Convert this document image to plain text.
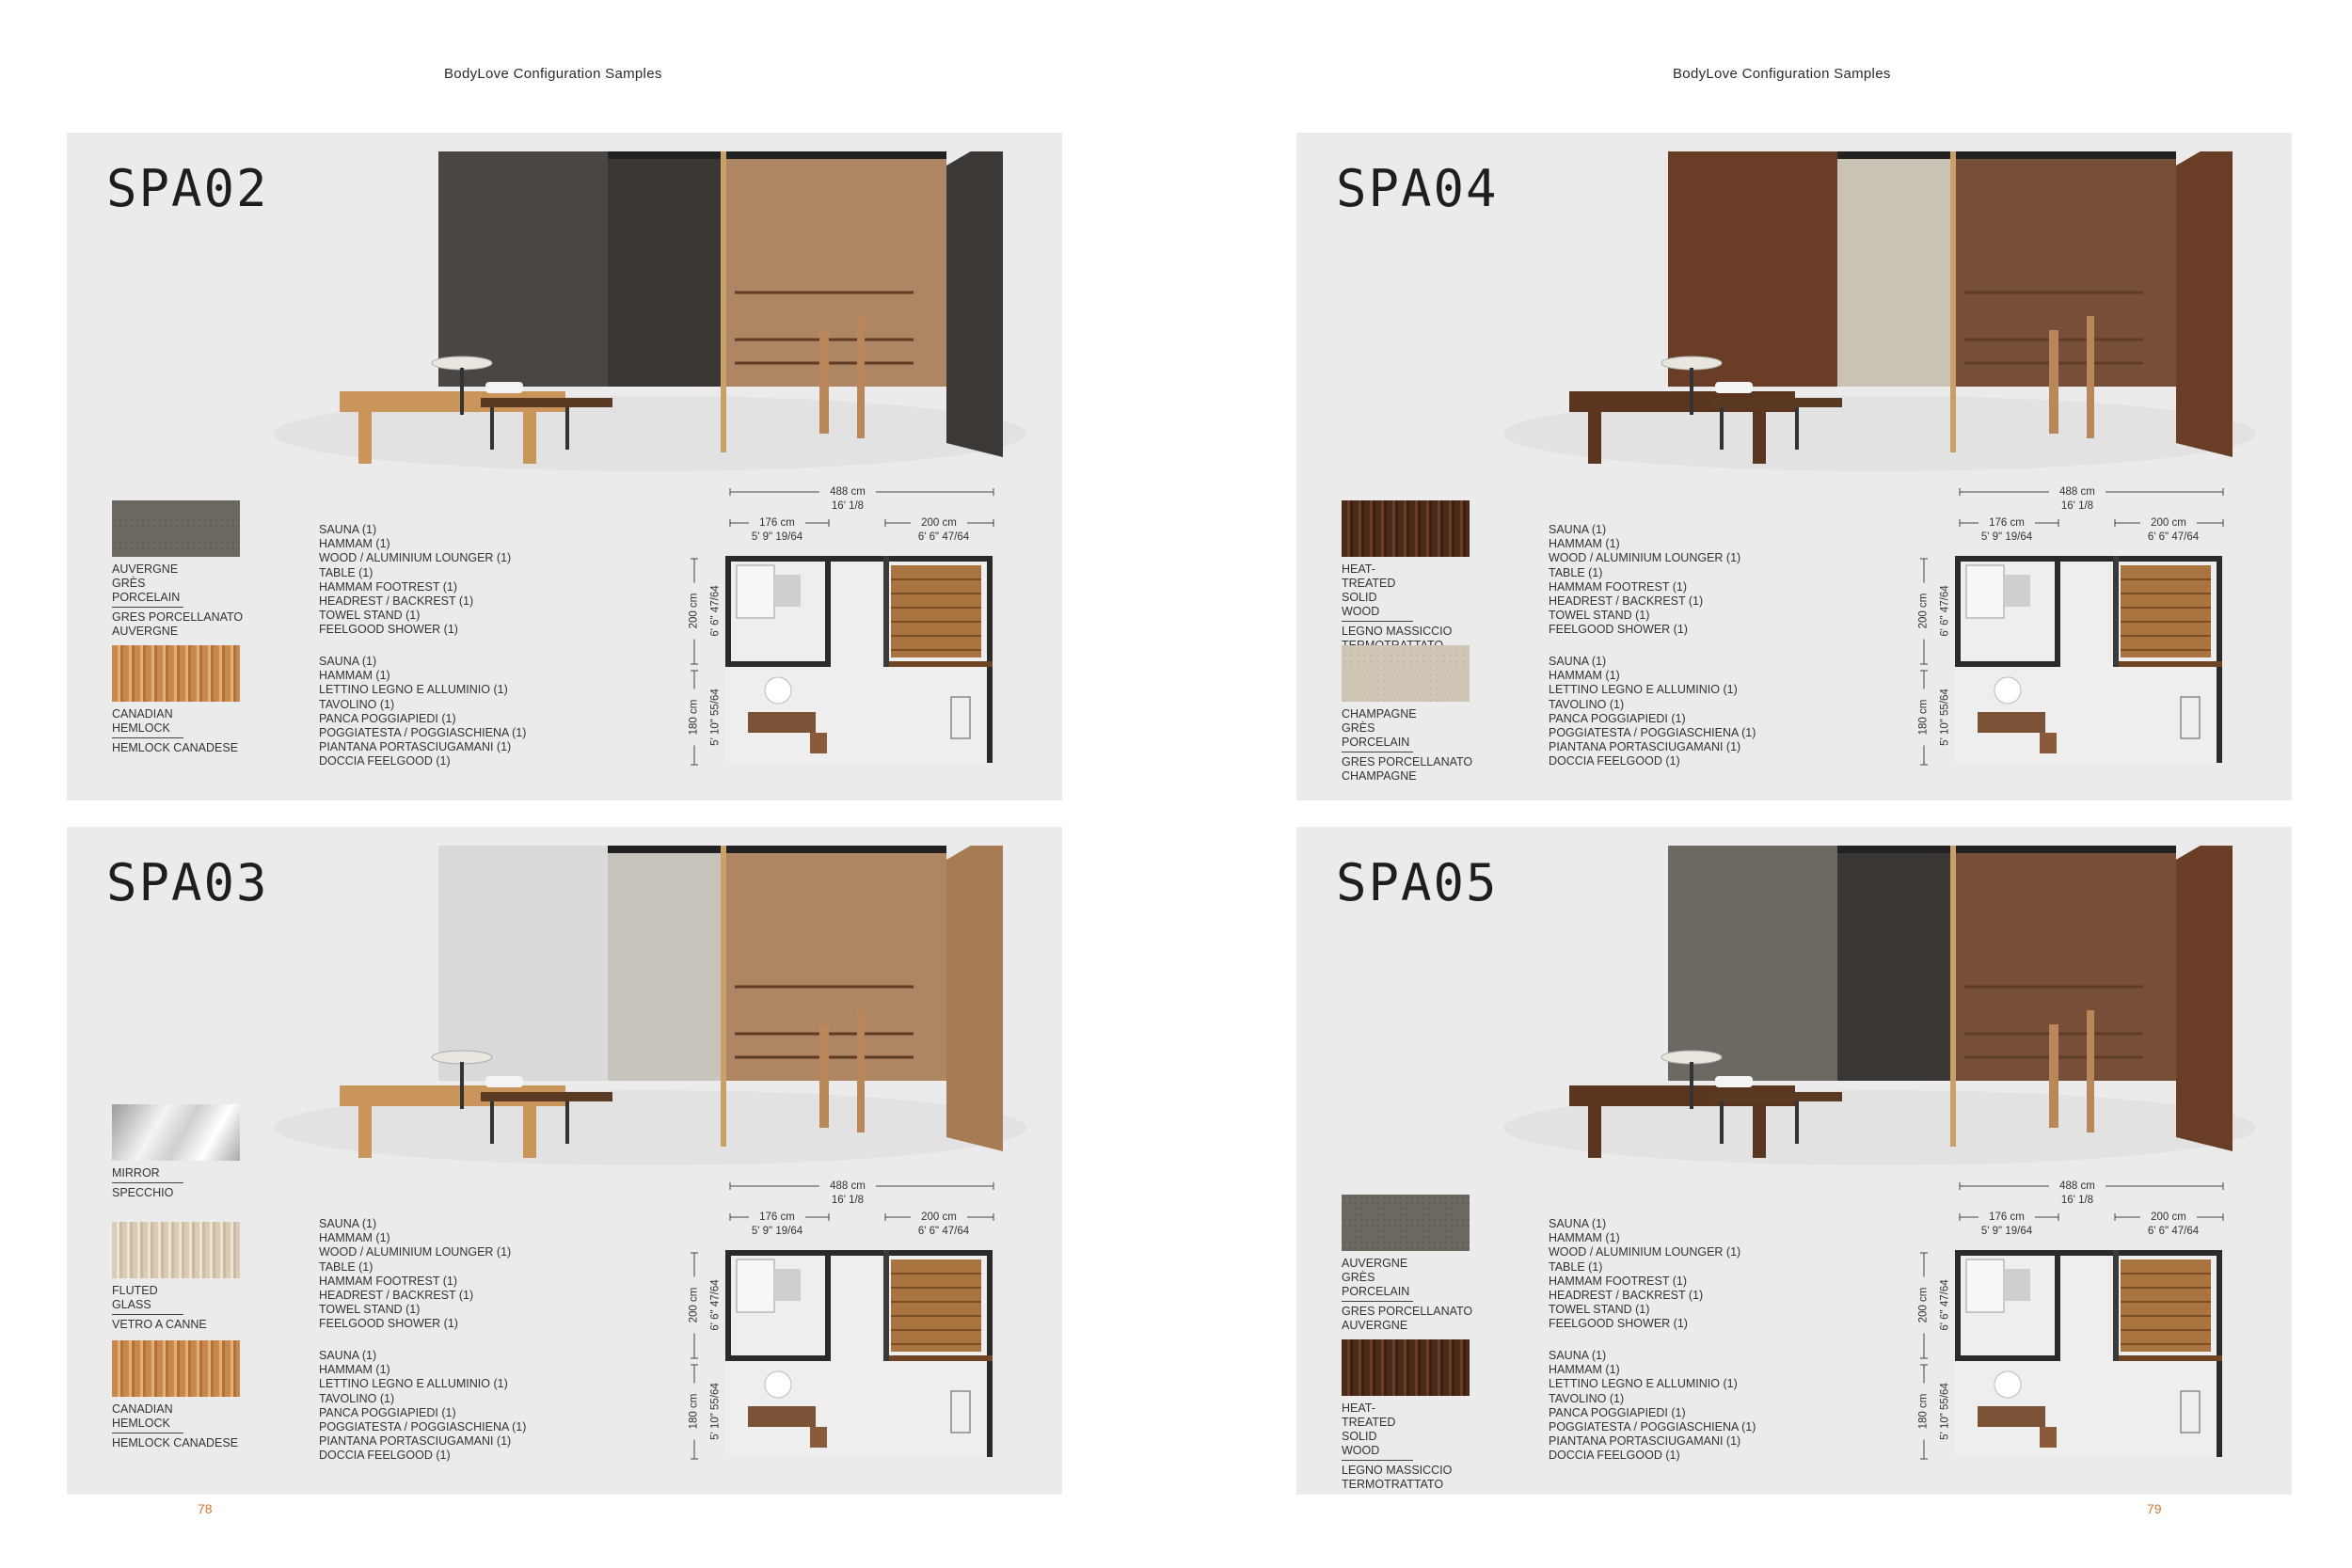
BodyLove Configuration Samples	BodyLove Configuration Samples
SPA02
AUVERGNE GRÈS PORCELAIN
GRES PORCELLANATO AUVERGNE
CANADIAN HEMLOCK
HEMLOCK CANADESE
SAUNA (1)
HAMMAM (1)
WOOD / ALUMINIUM LOUNGER (1)
TABLE (1)
HAMMAM FOOTREST (1)
HEADREST / BACKREST (1)
TOWEL STAND (1)
FEELGOOD SHOWER (1)
SAUNA (1)
HAMMAM (1)
LETTINO LEGNO E ALLUMINIO (1)
TAVOLINO (1)
PANCA POGGIAPIEDI (1)
POGGIATESTA / POGGIASCHIENA (1)
PIANTANA PORTASCIUGAMANI (1)
DOCCIA FEELGOOD (1)
488 cm
16' 1/8
176 cm
5' 9" 19/64
200 cm
6' 6" 47/64
200 cm 6' 6" 47/64
180 cm 5' 10" 55/64
SPA03
MIRROR
SPECCHIO
FLUTED GLASS
VETRO A CANNE
CANADIAN HEMLOCK
HEMLOCK CANADESE
SAUNA (1)
HAMMAM (1)
WOOD / ALUMINIUM LOUNGER (1)
TABLE (1)
HAMMAM FOOTREST (1)
HEADREST / BACKREST (1)
TOWEL STAND (1)
FEELGOOD SHOWER (1)
SAUNA (1)
HAMMAM (1)
LETTINO LEGNO E ALLUMINIO (1)
TAVOLINO (1)
PANCA POGGIAPIEDI (1)
POGGIATESTA / POGGIASCHIENA (1)
PIANTANA PORTASCIUGAMANI (1)
DOCCIA FEELGOOD (1)
488 cm
16' 1/8
176 cm
5' 9" 19/64
200 cm
6' 6" 47/64
200 cm 6' 6" 47/64
180 cm 5' 10" 55/64
SPA04
HEAT-TREATED SOLID WOOD
LEGNO MASSICCIO
CHAMPAGNE GRÈS PORCELAIN
GRES PORCELLANATO CHAMPAGNE
SAUNA (1)
HAMMAM (1)
WOOD / ALUMINIUM LOUNGER (1)
TABLE (1)
HAMMAM FOOTREST (1)
HEADREST / BACKREST (1)
TOWEL STAND (1)
FEELGOOD SHOWER (1)
SAUNA (1)
HAMMAM (1)
LETTINO LEGNO E ALLUMINIO (1)
TAVOLINO (1)
PANCA POGGIAPIEDI (1)
POGGIATESTA / POGGIASCHIENA (1)
PIANTANA PORTASCIUGAMANI (1)
DOCCIA FEELGOOD (1)
488 cm
16' 1/8
176 cm
5' 9" 19/64
200 cm
6' 6" 47/64
200 cm 6' 6" 47/64
180 cm 5' 10" 55/64
SPA05
AUVERGNE GRÈS PORCELAIN
GRES PORCELLANATO AUVERGNE
HEAT-TREATED SOLID WOOD
LEGNO MASSICCIO TERMOTRATTATO
SAUNA (1)
HAMMAM (1)
WOOD / ALUMINIUM LOUNGER (1)
TABLE (1)
HAMMAM FOOTREST (1)
HEADREST / BACKREST (1)
TOWEL STAND (1)
FEELGOOD SHOWER (1)
SAUNA (1)
HAMMAM (1)
LETTINO LEGNO E ALLUMINIO (1)
TAVOLINO (1)
PANCA POGGIAPIEDI (1)
POGGIATESTA / POGGIASCHIENA (1)
PIANTANA PORTASCIUGAMANI (1)
DOCCIA FEELGOOD (1)
488 cm
16' 1/8
176 cm
5' 9" 19/64
200 cm
6' 6" 47/64
200 cm 6' 6" 47/64
180 cm 5' 10" 55/64
78	79
